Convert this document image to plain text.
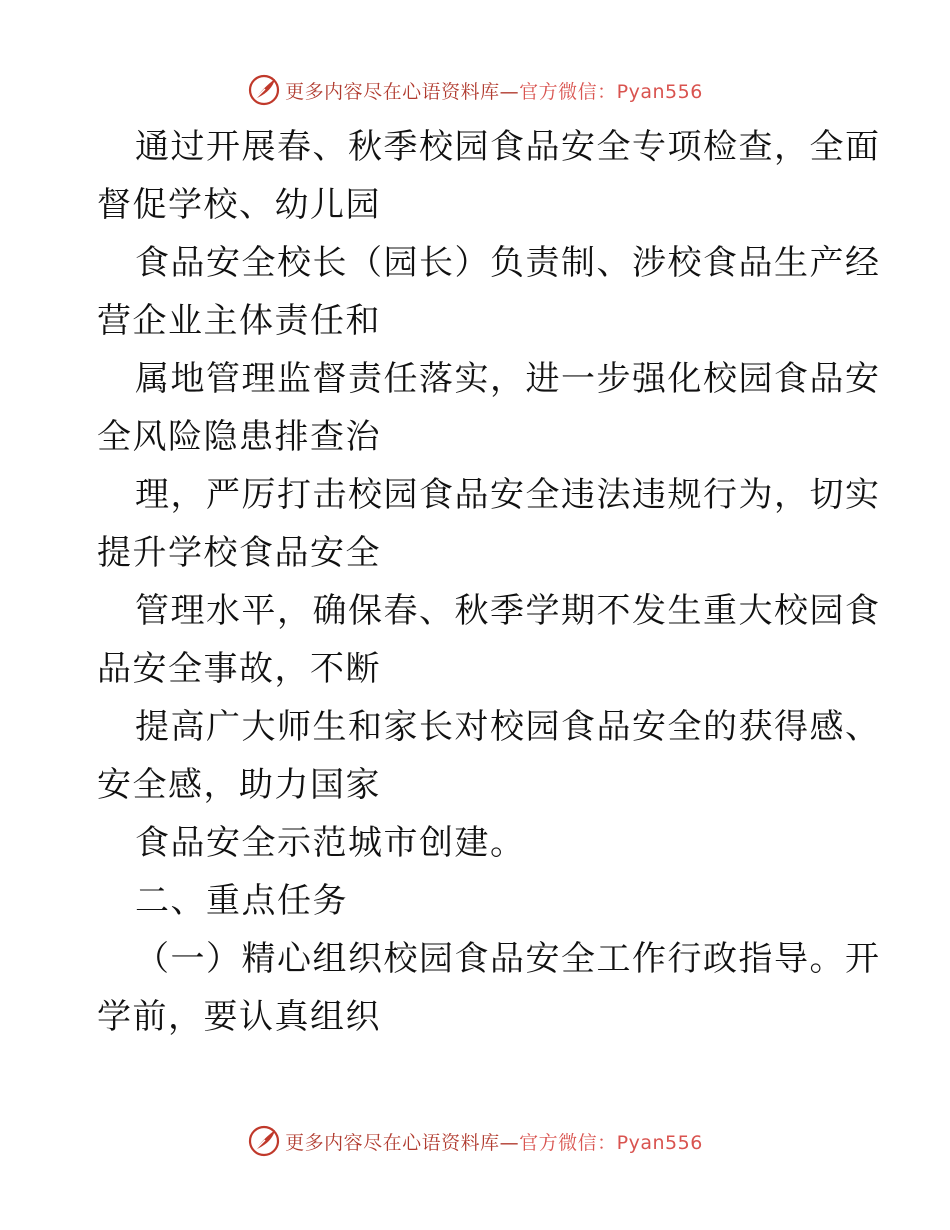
更多内容尽在心语资料库—官方微信：Pyan556
通过开展春、秋季校园食品安全专项检查，全面
督促学校、幼儿园
食品安全校长（园长）负责制、涉校食品生产经
营企业主体责任和
属地管理监督责任落实，进一步强化校园食品安
全风险隐患排查治
理，严厉打击校园食品安全违法违规行为，切实
提升学校食品安全
管理水平，确保春、秋季学期不发生重大校园食
品安全事故，不断
提高广大师生和家长对校园食品安全的获得感、
安全感，助力国家
食品安全示范城市创建。
二、重点任务
（一）精心组织校园食品安全工作行政指导。开
学前，要认真组织
更多内容尽在心语资料库—官方微信：Pyan556
